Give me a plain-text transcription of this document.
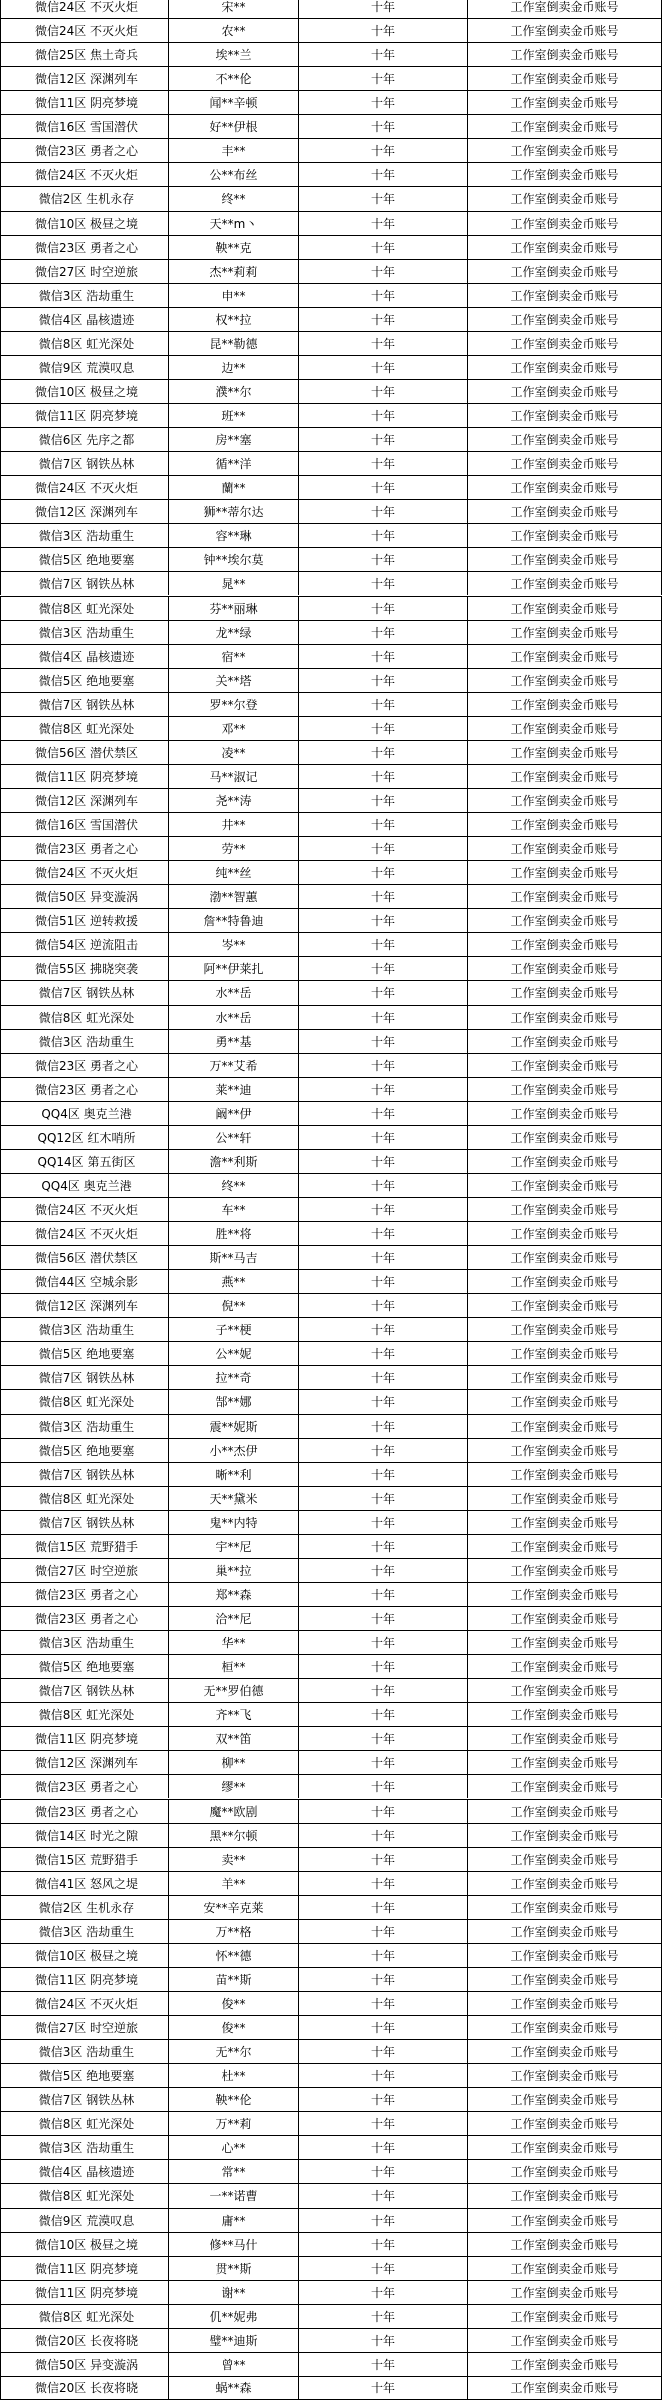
微信24区 不灭火炬	宋**	十年	工作室倒卖金币账号
微信24区 不灭火炬	农**	十年	工作室倒卖金币账号
微信25区 焦土奇兵	埃**兰	十年	工作室倒卖金币账号
微信12区 深渊列车	不**伦	十年	工作室倒卖金币账号
微信11区 阴亮梦境	闻**辛顿	十年	工作室倒卖金币账号
微信16区 雪国潜伏	好**伊根	十年	工作室倒卖金币账号
微信23区 勇者之心	丰**	十年	工作室倒卖金币账号
微信24区 不灭火炬	公**布丝	十年	工作室倒卖金币账号
微信2区 生机永存	终**	十年	工作室倒卖金币账号
微信10区 极昼之境	天**m丶	十年	工作室倒卖金币账号
微信23区 勇者之心	鞅**克	十年	工作室倒卖金币账号
微信27区 时空逆旅	杰**莉莉	十年	工作室倒卖金币账号
微信3区 浩劫重生	申**	十年	工作室倒卖金币账号
微信4区 晶核遗迹	权**拉	十年	工作室倒卖金币账号
微信8区 虹光深处	昆**勒德	十年	工作室倒卖金币账号
微信9区 荒漠叹息	边**	十年	工作室倒卖金币账号
微信10区 极昼之境	濮**尔	十年	工作室倒卖金币账号
微信11区 阴亮梦境	班**	十年	工作室倒卖金币账号
微信6区 先序之都	房**塞	十年	工作室倒卖金币账号
微信7区 钢铁丛林	循**洋	十年	工作室倒卖金币账号
微信24区 不灭火炬	蘭**	十年	工作室倒卖金币账号
微信12区 深渊列车	狮**蒂尔达	十年	工作室倒卖金币账号
微信3区 浩劫重生	容**琳	十年	工作室倒卖金币账号
微信5区 绝地要塞	钟**埃尔莫	十年	工作室倒卖金币账号
微信7区 钢铁丛林	晁**	十年	工作室倒卖金币账号
微信8区 虹光深处	芬**丽琳	十年	工作室倒卖金币账号
微信3区 浩劫重生	龙**绿	十年	工作室倒卖金币账号
微信4区 晶核遗迹	宿**	十年	工作室倒卖金币账号
微信5区 绝地要塞	关**塔	十年	工作室倒卖金币账号
微信7区 钢铁丛林	罗**尔登	十年	工作室倒卖金币账号
微信8区 虹光深处	邓**	十年	工作室倒卖金币账号
微信56区 潜伏禁区	凌**	十年	工作室倒卖金币账号
微信11区 阴亮梦境	马**淑记	十年	工作室倒卖金币账号
微信12区 深渊列车	尧**涛	十年	工作室倒卖金币账号
微信16区 雪国潜伏	井**	十年	工作室倒卖金币账号
微信23区 勇者之心	劳**	十年	工作室倒卖金币账号
微信24区 不灭火炬	纯**丝	十年	工作室倒卖金币账号
微信50区 异变漩涡	渤**智蕙	十年	工作室倒卖金币账号
微信51区 逆转救援	詹**特鲁迪	十年	工作室倒卖金币账号
微信54区 逆流阻击	岑**	十年	工作室倒卖金币账号
微信55区 拂晓突袭	阿**伊莱扎	十年	工作室倒卖金币账号
微信7区 钢铁丛林	水**岳	十年	工作室倒卖金币账号
微信8区 虹光深处	水**岳	十年	工作室倒卖金币账号
微信3区 浩劫重生	勇**基	十年	工作室倒卖金币账号
微信23区 勇者之心	万**艾希	十年	工作室倒卖金币账号
微信23区 勇者之心	莱**迪	十年	工作室倒卖金币账号
QQ4区 奥克兰港	阚**伊	十年	工作室倒卖金币账号
QQ12区 红木哨所	公**轩	十年	工作室倒卖金币账号
QQ14区 第五街区	澹**利斯	十年	工作室倒卖金币账号
QQ4区 奥克兰港	终**	十年	工作室倒卖金币账号
微信24区 不灭火炬	车**	十年	工作室倒卖金币账号
微信24区 不灭火炬	胜**将	十年	工作室倒卖金币账号
微信56区 潜伏禁区	斯**马吉	十年	工作室倒卖金币账号
微信44区 空城余影	燕**	十年	工作室倒卖金币账号
微信12区 深渊列车	倪**	十年	工作室倒卖金币账号
微信3区 浩劫重生	子**梗	十年	工作室倒卖金币账号
微信5区 绝地要塞	公**妮	十年	工作室倒卖金币账号
微信7区 钢铁丛林	拉**奇	十年	工作室倒卖金币账号
微信8区 虹光深处	郜**娜	十年	工作室倒卖金币账号
微信3区 浩劫重生	震**妮斯	十年	工作室倒卖金币账号
微信5区 绝地要塞	小**杰伊	十年	工作室倒卖金币账号
微信7区 钢铁丛林	晰**利	十年	工作室倒卖金币账号
微信8区 虹光深处	天**黛米	十年	工作室倒卖金币账号
微信7区 钢铁丛林	鬼**内特	十年	工作室倒卖金币账号
微信15区 荒野猎手	宇**尼	十年	工作室倒卖金币账号
微信27区 时空逆旅	巢**拉	十年	工作室倒卖金币账号
微信23区 勇者之心	郑**森	十年	工作室倒卖金币账号
微信23区 勇者之心	洽**尼	十年	工作室倒卖金币账号
微信3区 浩劫重生	华**	十年	工作室倒卖金币账号
微信5区 绝地要塞	桓**	十年	工作室倒卖金币账号
微信7区 钢铁丛林	无**罗伯德	十年	工作室倒卖金币账号
微信8区 虹光深处	齐**飞	十年	工作室倒卖金币账号
微信11区 阴亮梦境	双**笛	十年	工作室倒卖金币账号
微信12区 深渊列车	柳**	十年	工作室倒卖金币账号
微信23区 勇者之心	缪**	十年	工作室倒卖金币账号
微信23区 勇者之心	魔**欧剧	十年	工作室倒卖金币账号
微信14区 时光之隙	黑**尔顿	十年	工作室倒卖金币账号
微信15区 荒野猎手	卖**	十年	工作室倒卖金币账号
微信41区 怒风之堤	羊**	十年	工作室倒卖金币账号
微信2区 生机永存	安**辛克莱	十年	工作室倒卖金币账号
微信3区 浩劫重生	万**格	十年	工作室倒卖金币账号
微信10区 极昼之境	怀**德	十年	工作室倒卖金币账号
微信11区 阴亮梦境	苗**斯	十年	工作室倒卖金币账号
微信24区 不灭火炬	俊**	十年	工作室倒卖金币账号
微信27区 时空逆旅	俊**	十年	工作室倒卖金币账号
微信3区 浩劫重生	无**尔	十年	工作室倒卖金币账号
微信5区 绝地要塞	杜**	十年	工作室倒卖金币账号
微信7区 钢铁丛林	鞅**伦	十年	工作室倒卖金币账号
微信8区 虹光深处	万**莉	十年	工作室倒卖金币账号
微信3区 浩劫重生	心**	十年	工作室倒卖金币账号
微信4区 晶核遗迹	常**	十年	工作室倒卖金币账号
微信8区 虹光深处	一**诺曹	十年	工作室倒卖金币账号
微信9区 荒漠叹息	庸**	十年	工作室倒卖金币账号
微信10区 极昼之境	修**马什	十年	工作室倒卖金币账号
微信11区 阴亮梦境	贯**斯	十年	工作室倒卖金币账号
微信11区 阴亮梦境	谢**	十年	工作室倒卖金币账号
微信8区 虹光深处	仉**妮弗	十年	工作室倒卖金币账号
微信20区 长夜将晓	璧**迪斯	十年	工作室倒卖金币账号
微信50区 异变漩涡	曾**	十年	工作室倒卖金币账号
微信20区 长夜将晓	蜗**森	十年	工作室倒卖金币账号
